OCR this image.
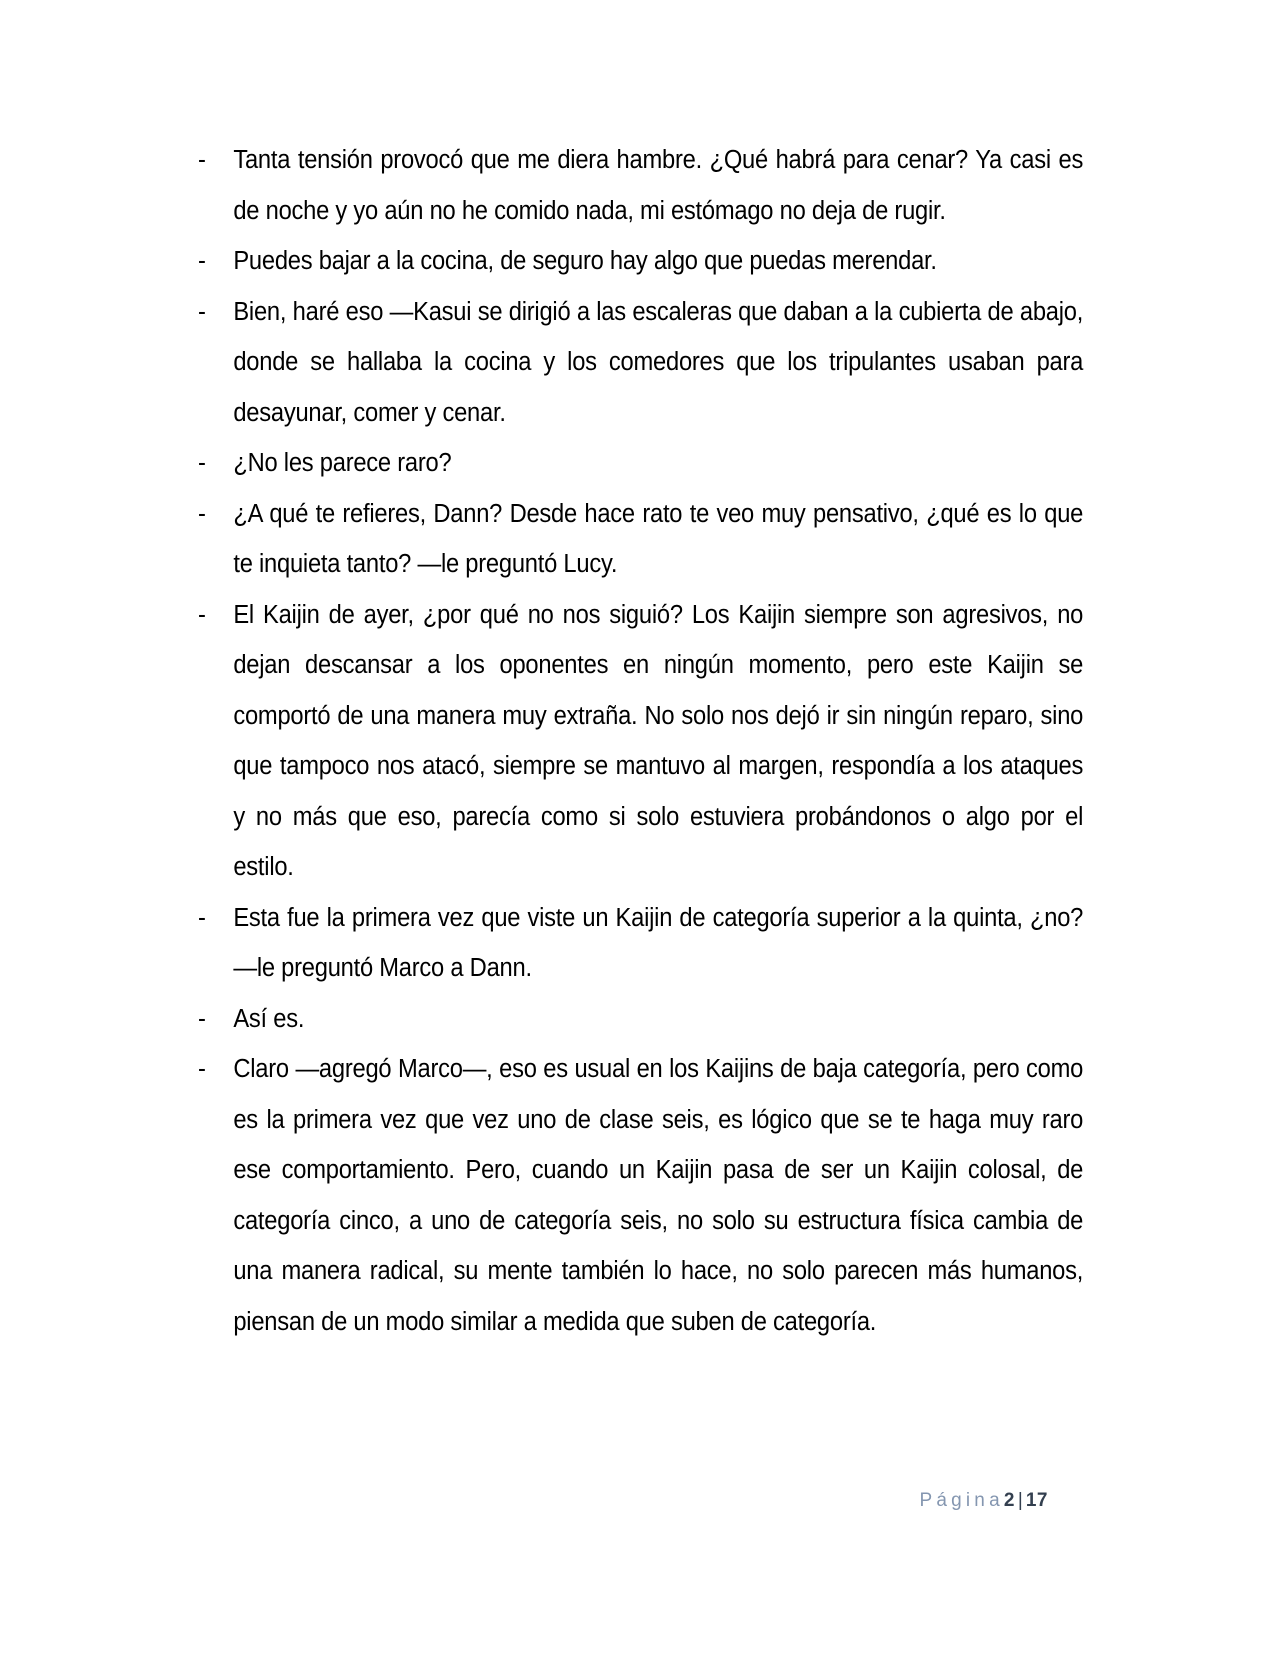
-	Tanta tensión provocó que me diera hambre. ¿Qué habrá para cenar? Ya casi es de noche y yo aún no he comido nada, mi estómago no deja de rugir.
-	Puedes bajar a la cocina, de seguro hay algo que puedas merendar.
-	Bien, haré eso —Kasui se dirigió a las escaleras que daban a la cubierta de abajo, donde se hallaba la cocina y los comedores que los tripulantes usaban para desayunar, comer y cenar.
-	¿No les parece raro?
-	¿A qué te refieres, Dann? Desde hace rato te veo muy pensativo, ¿qué es lo que te inquieta tanto? —le preguntó Lucy.
-	El Kaijin de ayer, ¿por qué no nos siguió? Los Kaijin siempre son agresivos, no dejan descansar a los oponentes en ningún momento, pero este Kaijin se comportó de una manera muy extraña. No solo nos dejó ir sin ningún reparo, sino que tampoco nos atacó, siempre se mantuvo al margen, respondía a los ataques y no más que eso, parecía como si solo estuviera probándonos o algo por el estilo.
-	Esta fue la primera vez que viste un Kaijin de categoría superior a la quinta, ¿no? —le preguntó Marco a Dann.
-	Así es.
-	Claro —agregó Marco—, eso es usual en los Kaijins de baja categoría, pero como es la primera vez que vez uno de clase seis, es lógico que se te haga muy raro ese comportamiento. Pero, cuando un Kaijin pasa de ser un Kaijin colosal, de categoría cinco, a uno de categoría seis, no solo su estructura física cambia de una manera radical, su mente también lo hace, no solo parecen más humanos, piensan de un modo similar a medida que suben de categoría.
Página2 | 17
